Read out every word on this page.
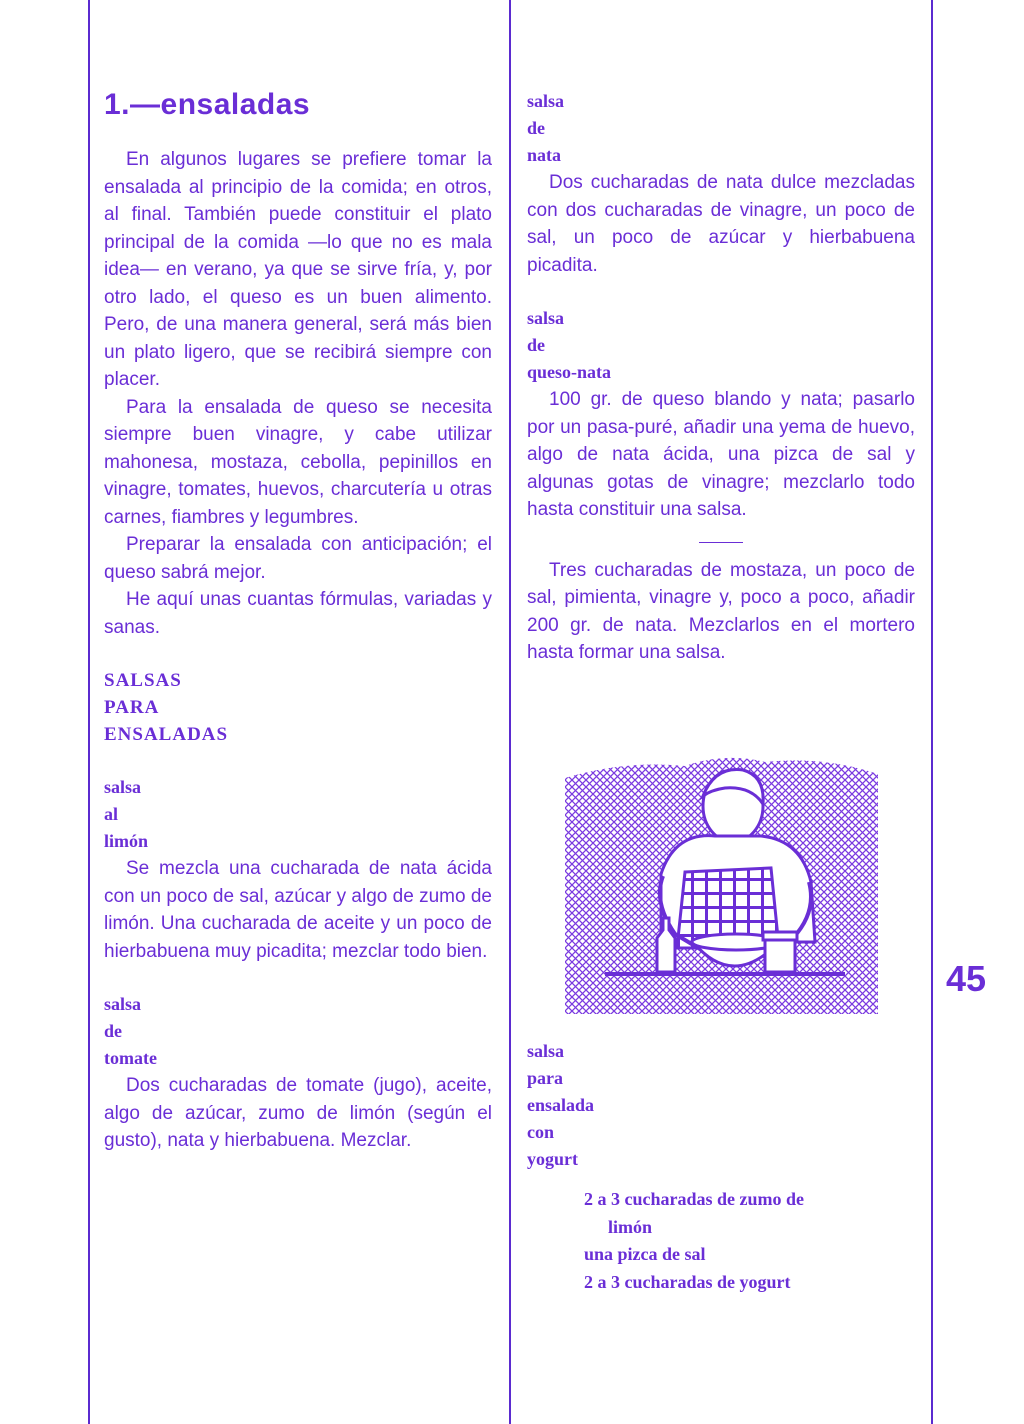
1.—ensaladas

En algunos lugares se prefiere tomar la ensalada al principio de la comida; en otros, al final. También puede constituir el plato principal de la comida —lo que no es mala idea— en verano, ya que se sirve fría, y, por otro lado, el queso es un buen alimento. Pero, de una manera general, será más bien un plato ligero, que se recibirá siempre con placer.

Para la ensalada de queso se necesita siempre buen vinagre, y cabe utilizar mahonesa, mostaza, cebolla, pepinillos en vinagre, tomates, huevos, charcutería u otras carnes, fiambres y legumbres.

Preparar la ensalada con anticipación; el queso sabrá mejor.

He aquí unas cuantas fórmulas, variadas y sanas.

SALSAS
PARA
ENSALADAS
salsa
al
limón

Se mezcla una cucharada de nata ácida con un poco de sal, azúcar y algo de zumo de limón. Una cucharada de aceite y un poco de hierbabuena muy picadita; mezclar todo bien.

salsa
de
tomate

Dos cucharadas de tomate (jugo), aceite, algo de azúcar, zumo de limón (según el gusto), nata y hierbabuena. Mezclar.

salsa
de
nata

Dos cucharadas de nata dulce mezcladas con dos cucharadas de vinagre, un poco de sal, un poco de azúcar y hierbabuena picadita.

salsa
de
queso-nata

100 gr. de queso blando y nata; pasarlo por un pasa-puré, añadir una yema de huevo, algo de nata ácida, una pizca de sal y algunas gotas de vinagre; mezclarlo todo hasta constituir una salsa.

Tres cucharadas de mostaza, un poco de sal, pimienta, vinagre y, poco a poco, añadir 200 gr. de nata. Mezclarlos en el mortero hasta formar una salsa.

45
salsa
para
ensalada
con
yogurt
2 a 3 cucharadas de zumo de
limón
una pizca de sal
2 a 3 cucharadas de yogurt
